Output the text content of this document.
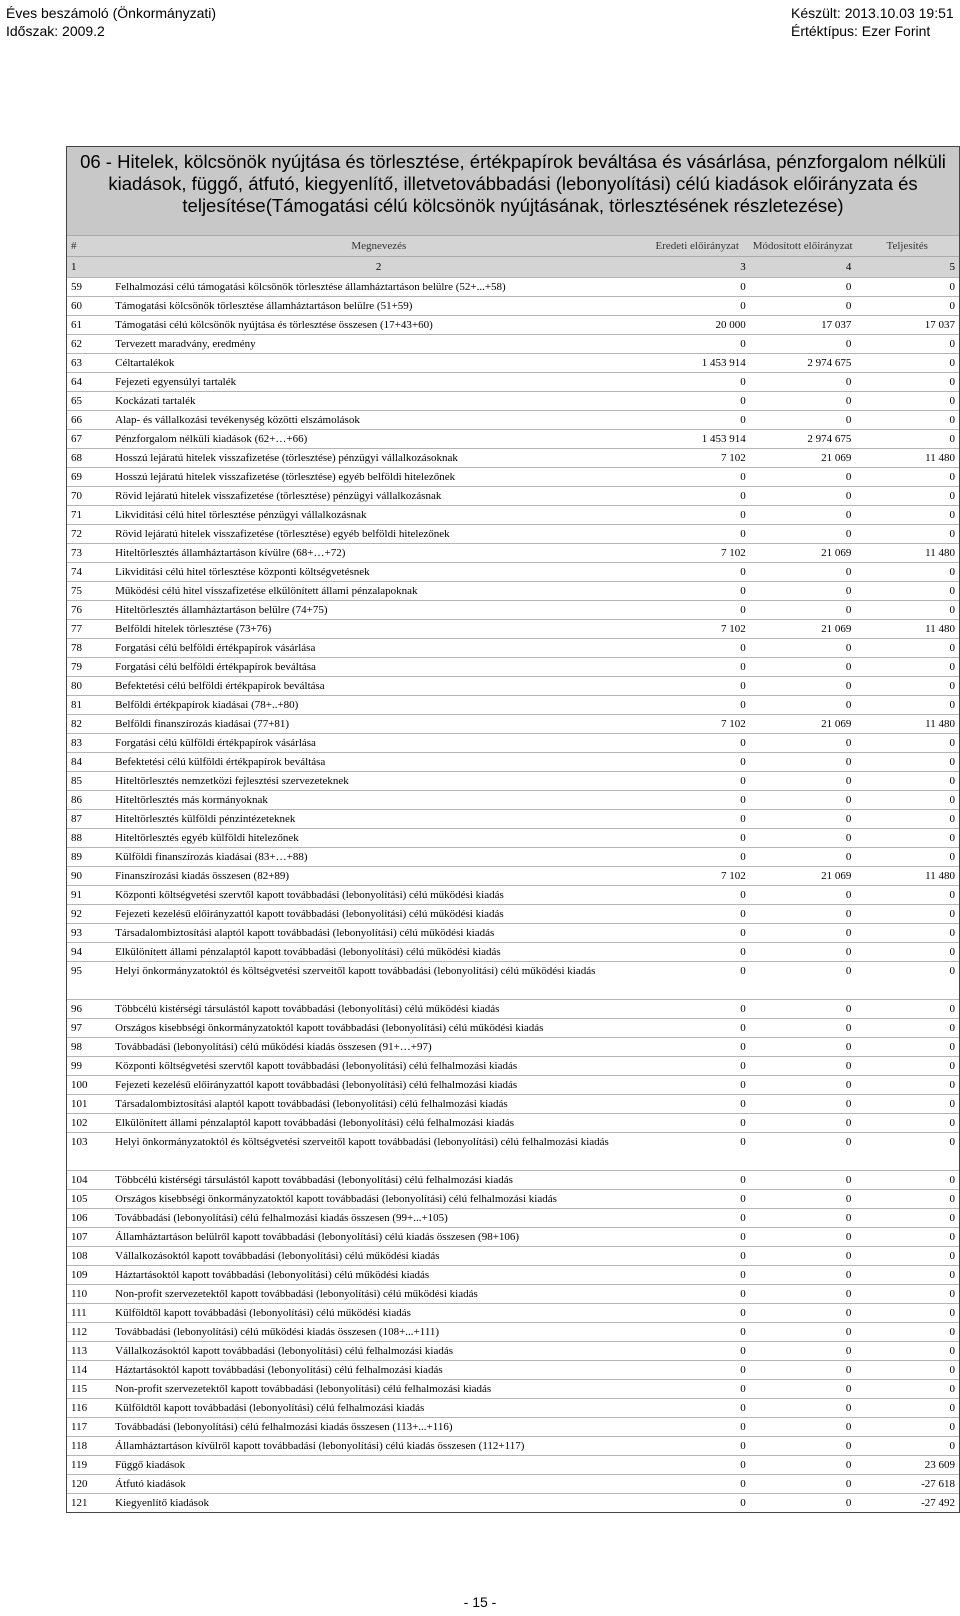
Éves beszámoló (Önkormányzati)
Időszak: 2009.2
Készült: 2013.10.03 19:51
Értéktípus: Ezer Forint
06 - Hitelek, kölcsönök nyújtása és törlesztése, értékpapírok beváltása és vásárlása, pénzforgalom nélküli kiadások, függő, átfutó, kiegyenlítő, illetvetovábbadási (lebonyolítási) célú kiadások előirányzata és teljesítése(Támogatási célú kölcsönök nyújtásának, törlesztésének részletezése)
#	Megnevezés	Eredeti előirányzat	Módosított előirányzat	Teljesítés
1	2	3	4	5
59	Felhalmozási célú támogatási kölcsönök törlesztése államháztartáson belülre (52+...+58)	0	0	0
60	Támogatási kölcsönök törlesztése államháztartáson belülre (51+59)	0	0	0
61	Támogatási célú kölcsönök nyújtása és törlesztése összesen (17+43+60)	20 000	17 037	17 037
62	Tervezett maradvány, eredmény	0	0	0
63	Céltartalékok	1 453 914	2 974 675	0
64	Fejezeti egyensúlyi tartalék	0	0	0
65	Kockázati tartalék	0	0	0
66	Alap- és vállalkozási tevékenység közötti elszámolások	0	0	0
67	Pénzforgalom nélküli kiadások (62+…+66)	1 453 914	2 974 675	0
68	Hosszú lejáratú hitelek visszafizetése (törlesztése) pénzügyi vállalkozásoknak	7 102	21 069	11 480
69	Hosszú lejáratú hitelek visszafizetése (törlesztése) egyéb belföldi hitelezőnek	0	0	0
70	Rövid lejáratú hitelek visszafizetése (törlesztése) pénzügyi vállalkozásnak	0	0	0
71	Likviditási célú hitel törlesztése pénzügyi vállalkozásnak	0	0	0
72	Rövid lejáratú hitelek visszafizetése (törlesztése) egyéb belföldi hitelezőnek	0	0	0
73	Hiteltörlesztés államháztartáson kívülre (68+…+72)	7 102	21 069	11 480
74	Likviditási célú hitel törlesztése központi költségvetésnek	0	0	0
75	Működési célú hitel visszafizetése elkülönített állami pénzalapoknak	0	0	0
76	Hiteltörlesztés államháztartáson belülre (74+75)	0	0	0
77	Belföldi hitelek törlesztése (73+76)	7 102	21 069	11 480
78	Forgatási célú belföldi értékpapírok vásárlása	0	0	0
79	Forgatási célú belföldi értékpapírok beváltása	0	0	0
80	Befektetési célú belföldi értékpapírok beváltása	0	0	0
81	Belföldi értékpapírok kiadásai (78+..+80)	0	0	0
82	Belföldi finanszírozás kiadásai (77+81)	7 102	21 069	11 480
83	Forgatási célú külföldi értékpapírok vásárlása	0	0	0
84	Befektetési célú külföldi értékpapírok beváltása	0	0	0
85	Hiteltörlesztés nemzetközi fejlesztési szervezeteknek	0	0	0
86	Hiteltörlesztés más kormányoknak	0	0	0
87	Hiteltörlesztés külföldi pénzintézeteknek	0	0	0
88	Hiteltörlesztés egyéb külföldi hitelezőnek	0	0	0
89	Külföldi finanszírozás kiadásai (83+…+88)	0	0	0
90	Finanszírozási kiadás összesen (82+89)	7 102	21 069	11 480
91	Központi költségvetési szervtől kapott továbbadási (lebonyolítási) célú működési kiadás	0	0	0
92	Fejezeti kezelésű előirányzattól kapott továbbadási (lebonyolítási) célú működési kiadás	0	0	0
93	Társadalombiztosítási alaptól kapott továbbadási (lebonyolítási) célú működési kiadás	0	0	0
94	Elkülönített állami pénzalaptól kapott továbbadási (lebonyolítási) célú működési kiadás	0	0	0
95	Helyi önkormányzatoktól és költségvetési szerveitől kapott továbbadási (lebonyolítási) célú működési kiadás	0	0	0
96	Többcélú kistérségi társulástól kapott továbbadási (lebonyolítási) célú működési kiadás	0	0	0
97	Országos kisebbségi önkormányzatoktól kapott továbbadási (lebonyolítási) célú működési kiadás	0	0	0
98	Továbbadási (lebonyolítási) célú működési kiadás összesen (91+…+97)	0	0	0
99	Központi költségvetési szervtől kapott továbbadási (lebonyolítási) célú felhalmozási kiadás	0	0	0
100	Fejezeti kezelésű előirányzattól kapott továbbadási (lebonyolítási) célú felhalmozási kiadás	0	0	0
101	Társadalombiztosítási alaptól kapott továbbadási (lebonyolítási) célú felhalmozási kiadás	0	0	0
102	Elkülönített állami pénzalaptól kapott továbbadási (lebonyolítási) célú felhalmozási kiadás	0	0	0
103	Helyi önkormányzatoktól és költségvetési szerveitől kapott továbbadási (lebonyolítási) célú felhalmozási kiadás	0	0	0
104	Többcélú kistérségi társulástól kapott továbbadási (lebonyolítási) célú felhalmozási kiadás	0	0	0
105	Országos kisebbségi önkormányzatoktól kapott továbbadási (lebonyolítási) célú felhalmozási kiadás	0	0	0
106	Továbbadási (lebonyolítási) célú felhalmozási kiadás összesen (99+...+105)	0	0	0
107	Államháztartáson belülről kapott továbbadási (lebonyolítási) célú kiadás összesen (98+106)	0	0	0
108	Vállalkozásoktól kapott továbbadási (lebonyolítási) célú működési kiadás	0	0	0
109	Háztartásoktól kapott továbbadási (lebonyolítási) célú működési kiadás	0	0	0
110	Non-profit szervezetektől kapott továbbadási (lebonyolítási) célú működési kiadás	0	0	0
111	Külföldtől kapott továbbadási (lebonyolítási) célú működési kiadás	0	0	0
112	Továbbadási (lebonyolítási) célú működési kiadás összesen (108+...+111)	0	0	0
113	Vállalkozásoktól kapott továbbadási (lebonyolítási) célú felhalmozási kiadás	0	0	0
114	Háztartásoktól kapott továbbadási (lebonyolítási) célú felhalmozási kiadás	0	0	0
115	Non-profit szervezetektől kapott továbbadási (lebonyolítási) célú felhalmozási kiadás	0	0	0
116	Külföldtől kapott továbbadási (lebonyolítási) célú felhalmozási kiadás	0	0	0
117	Továbbadási (lebonyolítási) célú felhalmozási kiadás összesen (113+...+116)	0	0	0
118	Államháztartáson kívülről kapott továbbadási (lebonyolítási) célú kiadás összesen (112+117)	0	0	0
119	Függő kiadások	0	0	23 609
120	Átfutó kiadások	0	0	-27 618
121	Kiegyenlítő kiadások	0	0	-27 492
- 15 -
